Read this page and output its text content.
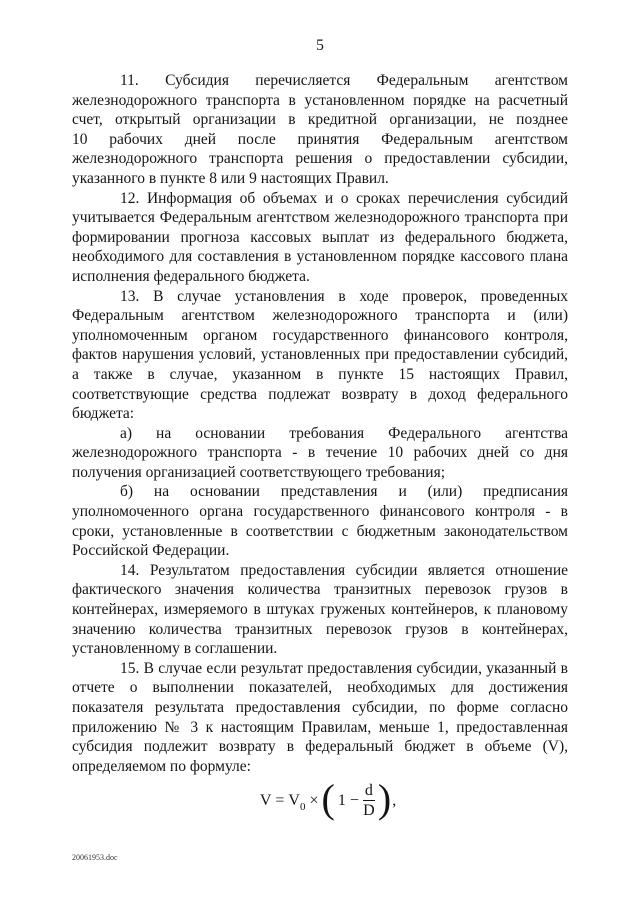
5
11. Субсидия перечисляется Федеральным агентством
железнодорожного транспорта в установленном порядке на расчетный
счет, открытый организации в кредитной организации, не позднее
10 рабочих дней после принятия Федеральным агентством
железнодорожного транспорта решения о предоставлении субсидии,
указанного в пункте 8 или 9 настоящих Правил.
12. Информация об объемах и о сроках перечисления субсидий
учитывается Федеральным агентством железнодорожного транспорта при
формировании прогноза кассовых выплат из федерального бюджета,
необходимого для составления в установленном порядке кассового плана
исполнения федерального бюджета.
13. В случае установления в ходе проверок, проведенных
Федеральным агентством железнодорожного транспорта и (или)
уполномоченным органом государственного финансового контроля,
фактов нарушения условий, установленных при предоставлении субсидий,
а также в случае, указанном в пункте 15 настоящих Правил,
соответствующие средства подлежат возврату в доход федерального
бюджета:
а) на основании требования Федерального агентства
железнодорожного транспорта - в течение 10 рабочих дней со дня
получения организацией соответствующего требования;
б) на основании представления и (или) предписания
уполномоченного органа государственного финансового контроля - в
сроки, установленные в соответствии с бюджетным законодательством
Российской Федерации.
14. Результатом предоставления субсидии является отношение
фактического значения количества транзитных перевозок грузов в
контейнерах, измеряемого в штуках груженых контейнеров, к плановому
значению количества транзитных перевозок грузов в контейнерах,
установленному в соглашении.
15. В случае если результат предоставления субсидии, указанный в
отчете о выполнении показателей, необходимых для достижения
показателя результата предоставления субсидии, по форме согласно
приложению № 3 к настоящим Правилам, меньше 1, предоставленная
субсидия подлежит возврату в федеральный бюджет в объеме (V),
определяемом по формуле:
$V = V_0$ × ( $1 - \frac{d}{D}$ ) ,
20061953.doc
